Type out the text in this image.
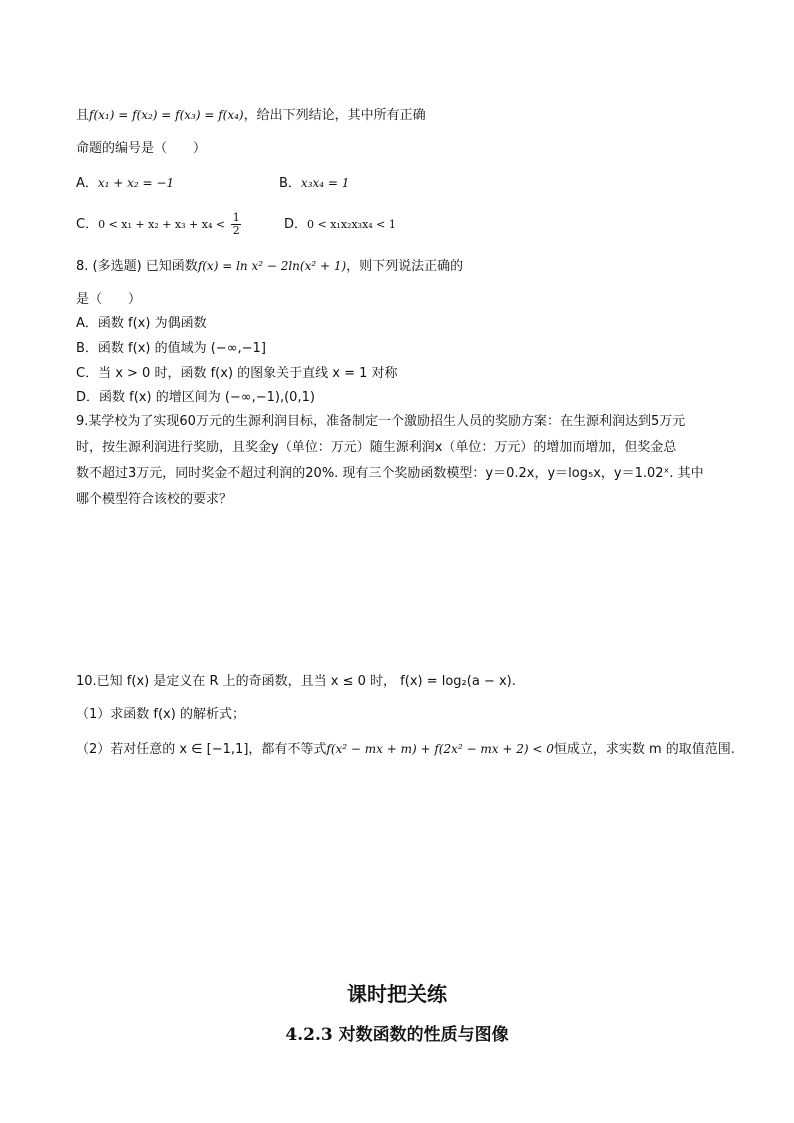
且f(x₁) = f(x₂) = f(x₃) = f(x₄)，给出下列结论，其中所有正确
命题的编号是（　　）
A．x₁ + x₂ = −1	B．x₃x₄ = 1
C．$0 < x_1 + x_2 + x_3 + x_4 < \frac{1}{2}$	D．0 < x₁x₂x₃x₄ < 1
8. (多选题) 已知函数f(x) = ln x² − 2ln(x² + 1)，则下列说法正确的
是（　　）
A．函数 f(x) 为偶函数
B．函数 f(x) 的值域为 (−∞,−1]
C．当 x > 0 时，函数 f(x) 的图象关于直线 x = 1 对称
D．函数 f(x) 的增区间为 (−∞,−1),(0,1)
9.某学校为了实现60万元的生源利润目标，准备制定一个激励招生人员的奖励方案：在生源利润达到5万元
时，按生源利润进行奖励，且奖金y（单位：万元）随生源利润x（单位：万元）的增加而增加，但奖金总
数不超过3万元，同时奖金不超过利润的20%. 现有三个奖励函数模型：y＝0.2x，y＝log₅x，y＝1.02ˣ. 其中
哪个模型符合该校的要求？
10.已知 f(x) 是定义在 R 上的奇函数，且当 x ≤ 0 时， f(x) = log₂(a − x).
（1）求函数 f(x) 的解析式；
（2）若对任意的 x ∈ [−1,1]，都有不等式f(x² − mx + m) + f(2x² − mx + 2) < 0恒成立，求实数 m 的取值范围.
课时把关练
4.2.3 对数函数的性质与图像
